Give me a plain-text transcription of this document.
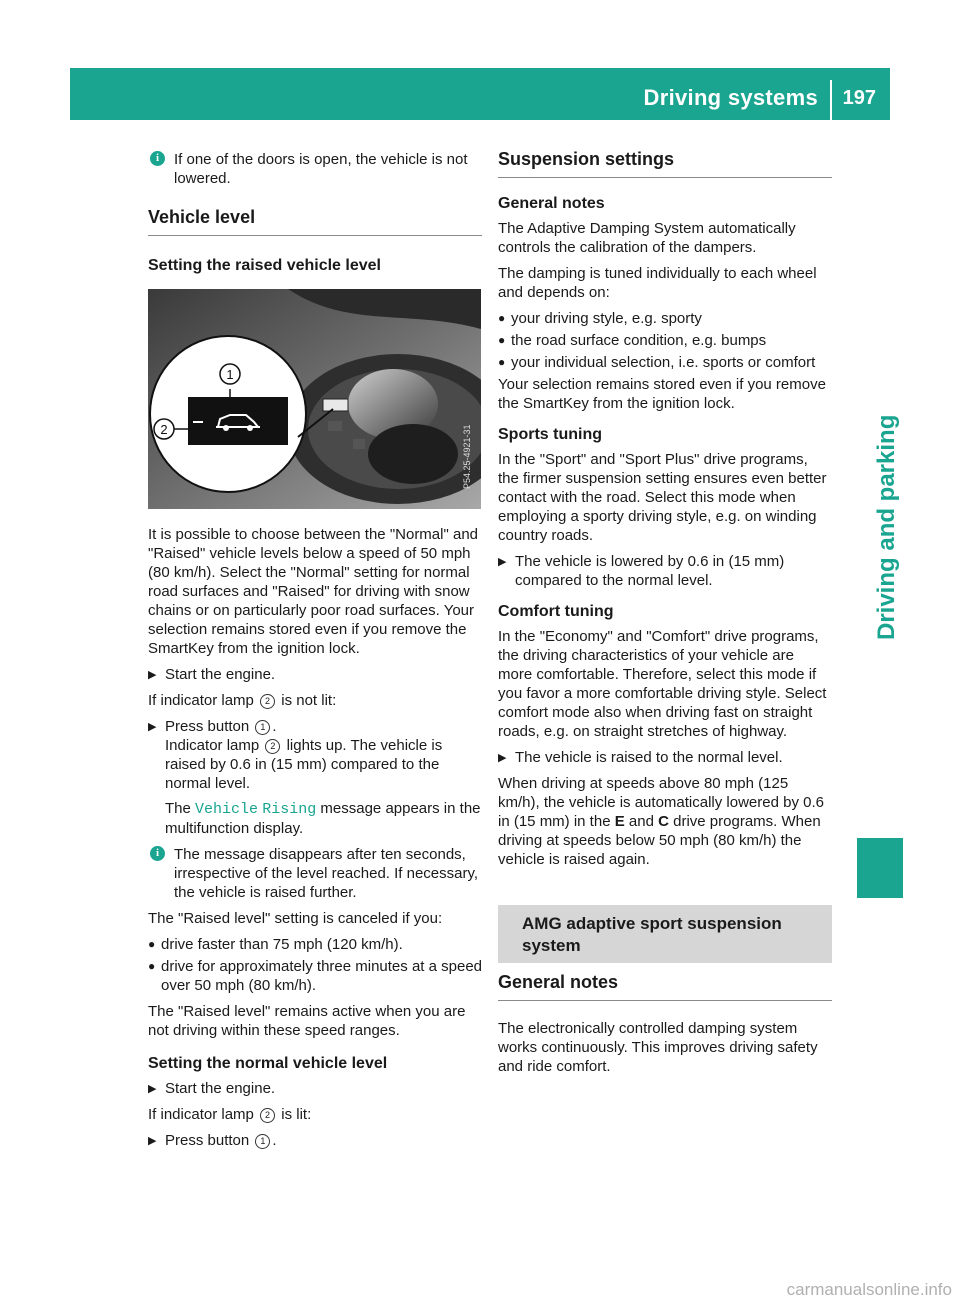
Driving systems 197
Driving and parking
i If one of the doors is open, the vehicle is not lowered.
Vehicle level
Setting the raised vehicle level
1
2	P54.25-4921-31

It is possible to choose between the "Normal" and "Raised" vehicle levels below a speed of 50 mph (80 km/h). Select the "Normal" setting for normal road surfaces and "Raised" for driving with snow chains or on particularly poor road surfaces. Your selection remains stored even if you remove the SmartKey from the ignition lock.

▶ Start the engine.

If indicator lamp 2 is not lit:

▶ Press button 1 .
Indicator lamp 2 lights up. The vehicle is raised by 0.6 in (15 mm) compared to the normal level.
The Vehicle Rising message appears in the multifunction display.
i The message disappears after ten seconds, irrespective of the level reached. If necessary, the vehicle is raised further.

The "Raised level" setting is canceled if you:

● drive faster than 75 mph (120 km/h).
● drive for approximately three minutes at a speed over 50 mph (80 km/h).

The "Raised level" remains active when you are not driving within these speed ranges.

Setting the normal vehicle level
▶ Start the engine.

If indicator lamp 2 is lit:

▶ Press button 1 .
Suspension settings
General notes

The Adaptive Damping System automatically controls the calibration of the dampers.

The damping is tuned individually to each wheel and depends on:

● your driving style, e.g. sporty
● the road surface condition, e.g. bumps
● your individual selection, i.e. sports or comfort

Your selection remains stored even if you remove the SmartKey from the ignition lock.

Sports tuning

In the "Sport" and "Sport Plus" drive programs, the firmer suspension setting ensures even better contact with the road. Select this mode when employing a sporty driving style, e.g. on winding country roads.

▶ The vehicle is lowered by 0.6 in (15 mm) compared to the normal level.
Comfort tuning

In the "Economy" and "Comfort" drive programs, the driving characteristics of your vehicle are more comfortable. Therefore, select this mode if you favor a more comfortable driving style. Select comfort mode also when driving fast on straight roads, e.g. on straight stretches of highway.

▶ The vehicle is raised to the normal level.

When driving at speeds above 80 mph (125 km/h), the vehicle is automatically lowered by 0.6 in (15 mm) in the E and C drive programs. When driving at speeds below 50 mph (80 km/h) the vehicle is raised again.

AMG adaptive sport suspension system
General notes

The electronically controlled damping system works continuously. This improves driving safety and ride comfort.

carmanualsonline.info
